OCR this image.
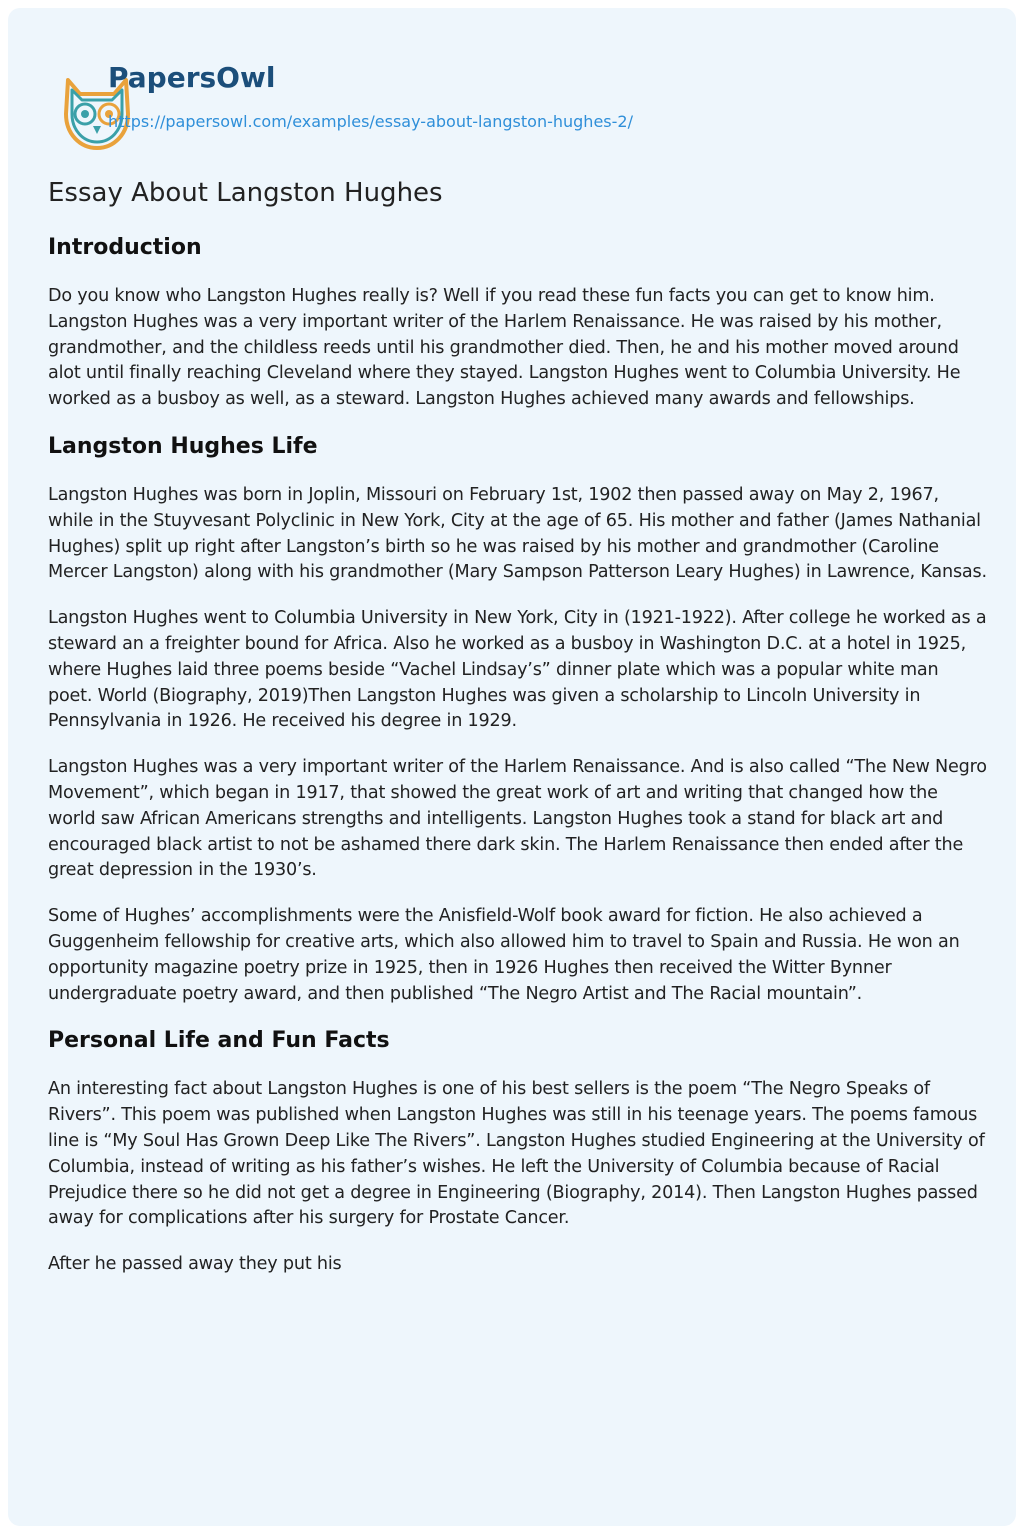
PapersOwl
https://papersowl.com/examples/essay-about-langston-hughes-2/
Essay About Langston Hughes
Introduction

Do you know who Langston Hughes really is? Well if you read these fun facts you can get to know him. Langston Hughes was a very important writer of the Harlem Renaissance. He was raised by his mother, grandmother, and the childless reeds until his grandmother died. Then, he and his mother moved around alot until finally reaching Cleveland where they stayed. Langston Hughes went to Columbia University. He worked as a busboy as well, as a steward. Langston Hughes achieved many awards and fellowships.

Langston Hughes Life

Langston Hughes was born in Joplin, Missouri on February 1st, 1902 then passed away on May 2, 1967, while in the Stuyvesant Polyclinic in New York, City at the age of 65. His mother and father (James Nathanial Hughes) split up right after Langston’s birth so he was raised by his mother and grandmother (Caroline Mercer Langston) along with his grandmother (Mary Sampson Patterson Leary Hughes) in Lawrence, Kansas.

Langston Hughes went to Columbia University in New York, City in (1921-1922). After college he worked as a steward an a freighter bound for Africa. Also he worked as a busboy in Washington D.C. at a hotel in 1925, where Hughes laid three poems beside “Vachel Lindsay’s” dinner plate which was a popular white man poet. World (Biography, 2019)Then Langston Hughes was given a scholarship to Lincoln University in Pennsylvania in 1926. He received his degree in 1929.

Langston Hughes was a very important writer of the Harlem Renaissance. And is also called “The New Negro Movement”, which began in 1917, that showed the great work of art and writing that changed how the world saw African Americans strengths and intelligents. Langston Hughes took a stand for black art and encouraged black artist to not be ashamed there dark skin. The Harlem Renaissance then ended after the great depression in the 1930’s.

Some of Hughes’ accomplishments were the Anisfield-Wolf book award for fiction. He also achieved a Guggenheim fellowship for creative arts, which also allowed him to travel to Spain and Russia. He won an opportunity magazine poetry prize in 1925, then in 1926 Hughes then received the Witter Bynner undergraduate poetry award, and then published “The Negro Artist and The Racial mountain”.

Personal Life and Fun Facts

An interesting fact about Langston Hughes is one of his best sellers is the poem “The Negro Speaks of Rivers”. This poem was published when Langston Hughes was still in his teenage years. The poems famous line is “My Soul Has Grown Deep Like The Rivers”. Langston Hughes studied Engineering at the University of Columbia, instead of writing as his father’s wishes. He left the University of Columbia because of Racial Prejudice there so he did not get a degree in Engineering (Biography, 2014). Then Langston Hughes passed away for complications after his surgery for Prostate Cancer.

After he passed away they put his
